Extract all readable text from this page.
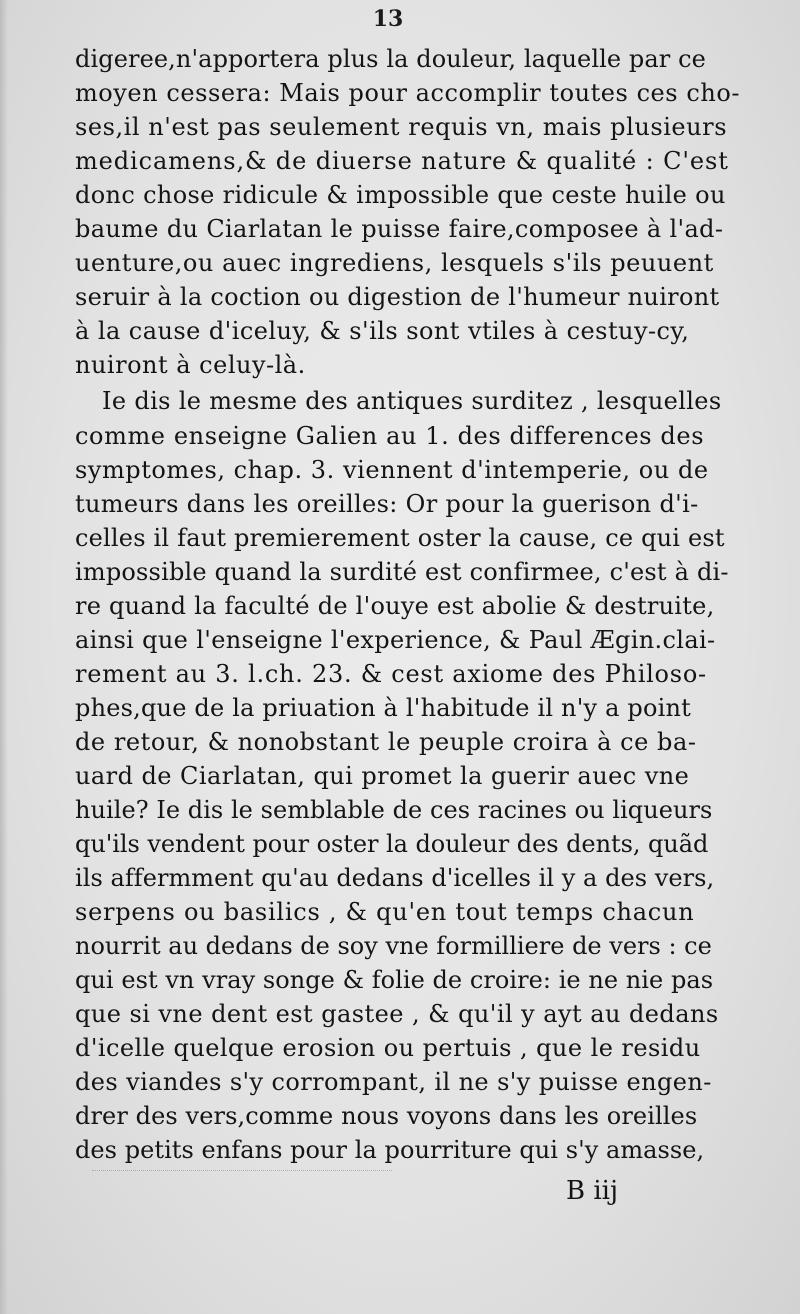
13
digeree,n'apportera plus la douleur, laquelle par ce
moyen cessera: Mais pour accomplir toutes ces cho-
ses,il n'est pas seulement requis vn, mais plusieurs
medicamens,& de diuerse nature & qualité : C'est
donc chose ridicule & impossible que ceste huile ou
baume du Ciarlatan le puisse faire,composee à l'ad-
uenture,ou auec ingrediens, lesquels s'ils peuuent
seruir à la coction ou digestion de l'humeur nuiront
à la cause d'iceluy, & s'ils sont vtiles à cestuy-cy,
nuiront à celuy-là.
Ie dis le mesme des antiques surditez , lesquelles
comme enseigne Galien au 1. des differences des
symptomes, chap. 3. viennent d'intemperie, ou de
tumeurs dans les oreilles: Or pour la guerison d'i-
celles il faut premierement oster la cause, ce qui est
impossible quand la surdité est confirmee, c'est à di-
re quand la faculté de l'ouye est abolie & destruite,
ainsi que l'enseigne l'experience, & Paul Ægin.clai-
rement au 3. l.ch. 23. & cest axiome des Philoso-
phes,que de la priuation à l'habitude il n'y a point
de retour, & nonobstant le peuple croira à ce ba-
uard de Ciarlatan, qui promet la guerir auec vne
huile? Ie dis le semblable de ces racines ou liqueurs
qu'ils vendent pour oster la douleur des dents, quãd
ils affermment qu'au dedans d'icelles il y a des vers,
serpens ou basilics , & qu'en tout temps chacun
nourrit au dedans de soy vne formilliere de vers : ce
qui est vn vray songe & folie de croire: ie ne nie pas
que si vne dent est gastee , & qu'il y ayt au dedans
d'icelle quelque erosion ou pertuis , que le residu
des viandes s'y corrompant, il ne s'y puisse engen-
drer des vers,comme nous voyons dans les oreilles
des petits enfans pour la pourriture qui s'y amasse,
B iij
